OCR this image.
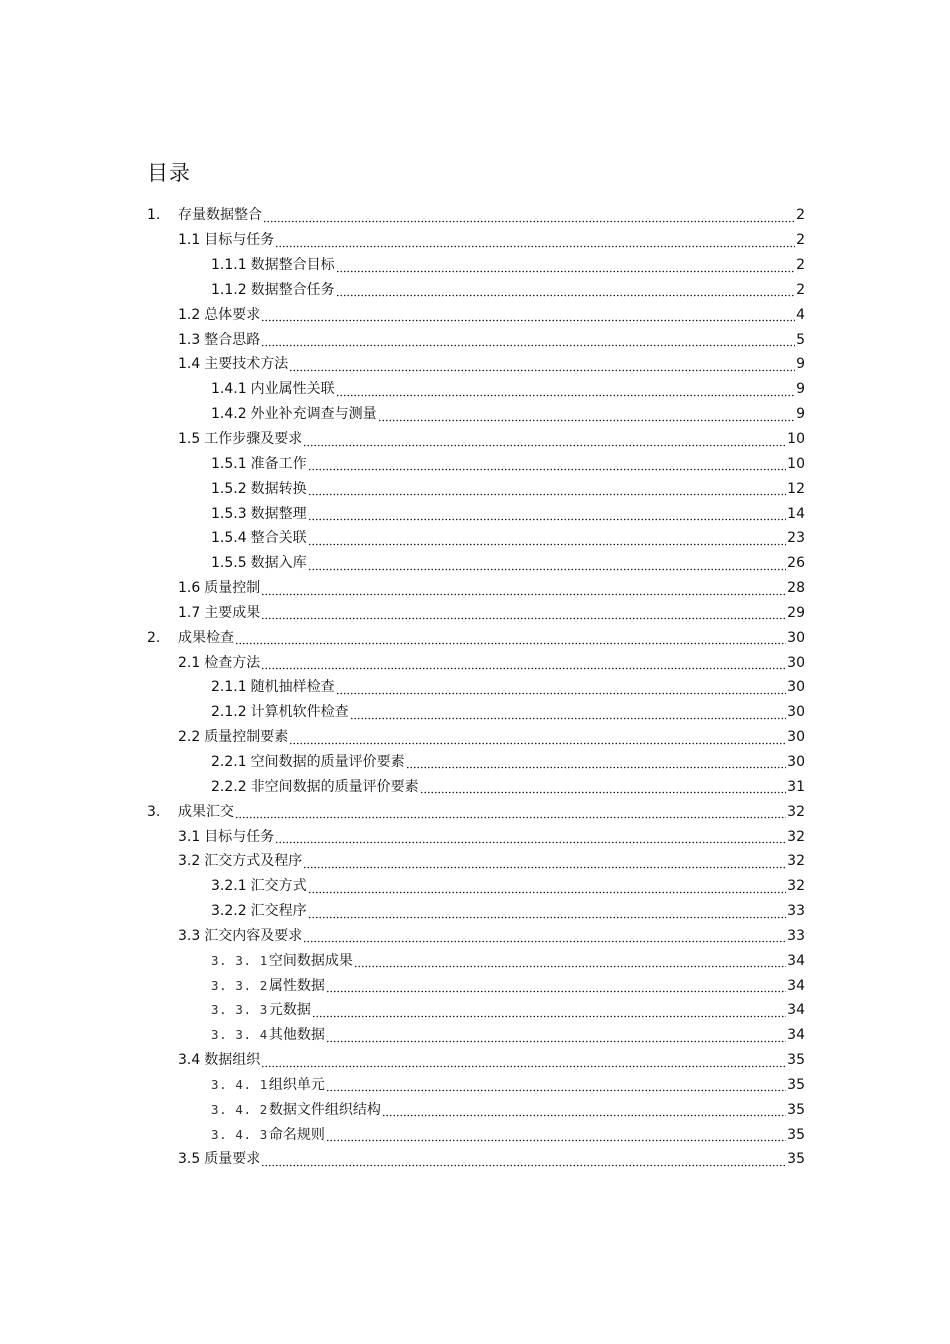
目录
1.	存量数据整合	2
1.1 目标与任务	2
1.1.1 数据整合目标	2
1.1.2 数据整合任务	2
1.2 总体要求	4
1.3 整合思路	5
1.4 主要技术方法	9
1.4.1 内业属性关联	9
1.4.2 外业补充调查与测量	9
1.5 工作步骤及要求	10
1.5.1 准备工作	10
1.5.2 数据转换	12
1.5.3 数据整理	14
1.5.4 整合关联	23
1.5.5 数据入库	26
1.6 质量控制	28
1.7 主要成果	29
2.	成果检查	30
2.1 检查方法	30
2.1.1 随机抽样检查	30
2.1.2 计算机软件检查	30
2.2 质量控制要素	30
2.2.1 空间数据的质量评价要素	30
2.2.2 非空间数据的质量评价要素	31
3.	成果汇交	32
3.1 目标与任务	32
3.2 汇交方式及程序	32
3.2.1 汇交方式	32
3.2.2 汇交程序	33
3.3 汇交内容及要求	33
3. 3. 1 空间数据成果	34
3. 3. 2 属性数据	34
3. 3. 3 元数据	34
3. 3. 4 其他数据	34
3.4 数据组织	35
3. 4. 1 组织单元	35
3. 4. 2 数据文件组织结构	35
3. 4. 3 命名规则	35
3.5 质量要求	35
